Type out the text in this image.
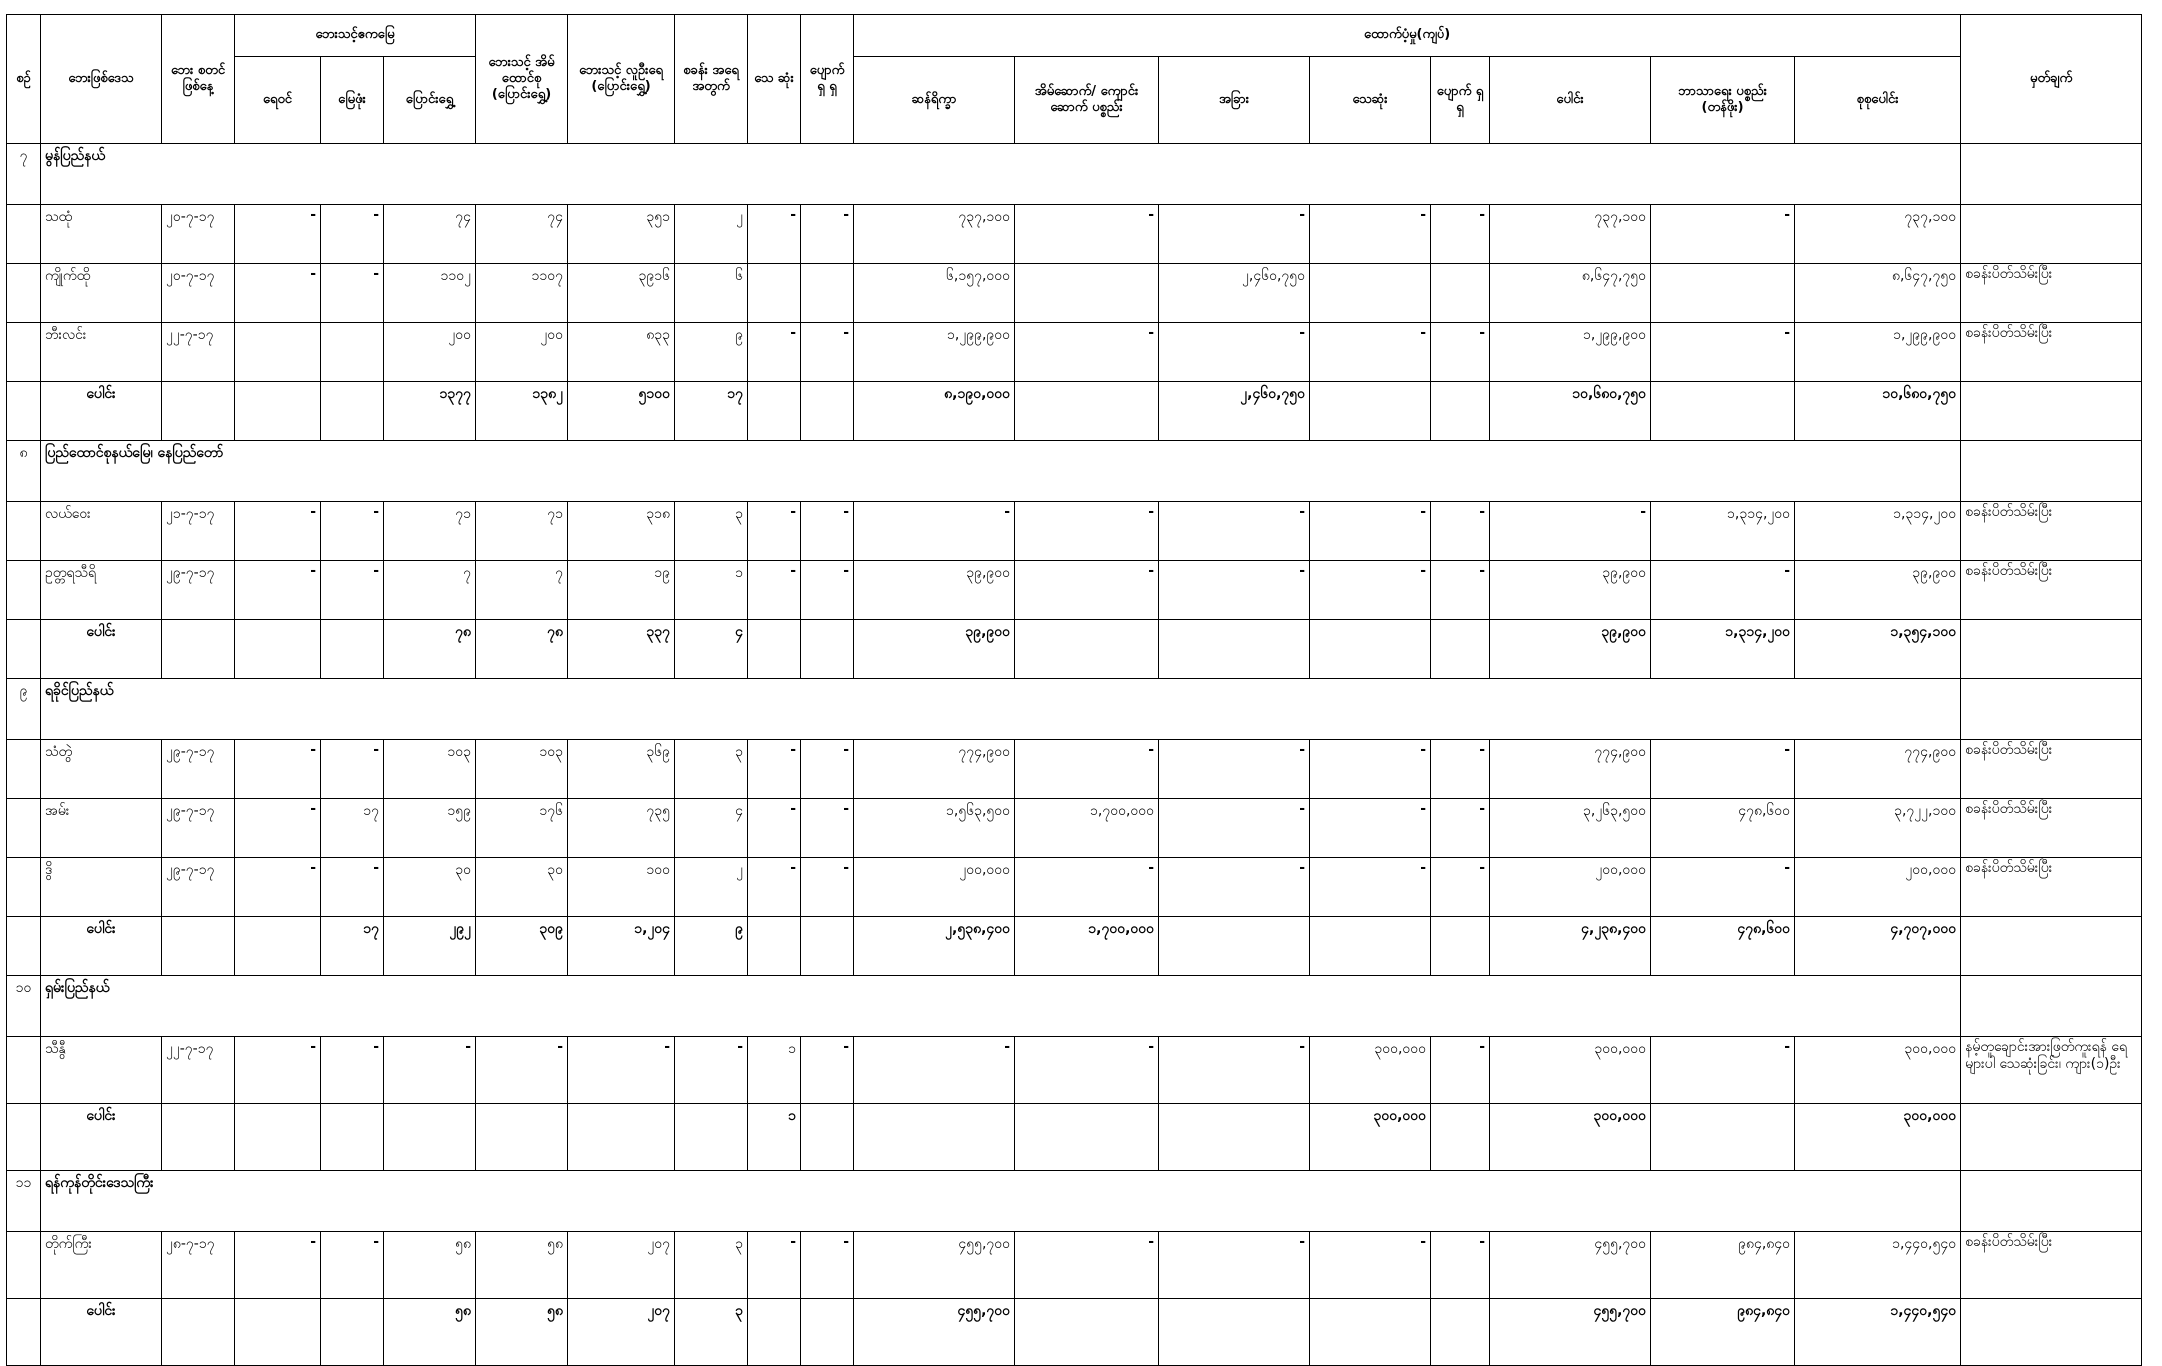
စဉ်	ဘေးဖြစ်ဒေသ	ဘေး စတင် ဖြစ်နေ့	ဘေးသင့်ဧကမြေ			ဘေးသင့် အိမ် ထောင်စု (ပြောင်းရွှေ့)	ဘေးသင့် လူဦးရေ (ပြောင်းရွှေ့)	စခန်း အရေ အတွက်	သေ ဆုံး	ပျောက် ရှ ရှ	ထောက်ပံ့မှု(ကျပ်)								မှတ်ချက်
			ရေဝင်	မြေဖုံး	ပြောင်းရွှေ့						ဆန်ရိက္ခာ	အိမ်ဆောက်/ ကျောင်းဆောက် ပစ္စည်း	အခြား	သေဆုံး	ပျောက် ရှ ရှ	ပေါင်း	ဘာသာရေး ပစ္စည်း (တန်ဖိုး)	စုစုပေါင်း	
၇	မွန်ပြည်နယ်																		
	သထုံ	၂၀-၇-၁၇	-	-	၇၄	၇၄	၃၅၁	၂	-	-	၇၃၇,၁၀၀	-	-	-	-	၇၃၇,၁၀၀	-	၇၃၇,၁၀၀	
	ကျိုက်ထို	၂၀-၇-၁၇	-	-	၁၁၀၂	၁၁၀၇	၃၉၁၆	၆			၆,၁၅၇,၀၀၀		၂,၄၆၀,၇၅၀			၈,၆၄၇,၇၅၀		၈,၆၄၇,၇၅၀	စခန်းပိတ်သိမ်းပြီး
	ဘီးလင်း	၂၂-၇-၁၇			၂၀၀	၂၀၀	၈၃၃	၉	-	-	၁,၂၉၉,၉၀၀	-	-	-	-	၁,၂၉၉,၉၀၀	-	၁,၂၉၉,၉၀၀	စခန်းပိတ်သိမ်းပြီး
	ပေါင်း				၁၃၇၇	၁၃၈၂	၅၁၀၀	၁၇			၈,၁၉၀,၀၀၀		၂,၄၆၀,၇၅၀			၁၀,၆၈၀,၇၅၀		၁၀,၆၈၀,၇၅၀	
၈	ပြည်ထောင်စုနယ်မြေ၊ နေပြည်တော်																		
	လယ်ဝေး	၂၁-၇-၁၇	-	-	၇၁	၇၁	၃၁၈	၃	-	-	-	-	-	-	-	-	၁,၃၁၄,၂၀၀	၁,၃၁၄,၂၀၀	စခန်းပိတ်သိမ်းပြီး
	ဥတ္တရသီရိ	၂၉-၇-၁၇	-	-	၇	၇	၁၉	၁	-	-	၃၉,၉၀၀	-	-	-	-	၃၉,၉၀၀	-	၃၉,၉၀၀	စခန်းပိတ်သိမ်းပြီး
	ပေါင်း				၇၈	၇၈	၃၃၇	၄			၃၉,၉၀၀					၃၉,၉၀၀	၁,၃၁၄,၂၀၀	၁,၃၅၄,၁၀၀	
၉	ရခိုင်ပြည်နယ်																		
	သံတွဲ	၂၉-၇-၁၇	-	-	၁၀၃	၁၀၃	၃၆၉	၃	-	-	၇၇၄,၉၀၀	-	-	-	-	၇၇၄,၉၀၀	-	၇၇၄,၉၀၀	စခန်းပိတ်သိမ်းပြီး
	အမ်း	၂၉-၇-၁၇	-	၁၇	၁၅၉	၁၇၆	၇၃၅	၄	-	-	၁,၅၆၃,၅၀၀	၁,၇၀၀,၀၀၀	-	-	-	၃,၂၆၃,၅၀၀	၄၇၈,၆၀၀	၃,၇၂၂,၁၀၀	စခန်းပိတ်သိမ်းပြီး
	ဒွိ	၂၉-၇-၁၇	-	-	၃၀	၃၀	၁၀၀	၂	-	-	၂၀၀,၀၀၀	-	-	-	-	၂၀၀,၀၀၀	-	၂၀၀,၀၀၀	စခန်းပိတ်သိမ်းပြီး
	ပေါင်း			၁၇	၂၉၂	၃၀၉	၁,၂၀၄	၉			၂,၅၃၈,၄၀၀	၁,၇၀၀,၀၀၀				၄,၂၃၈,၄၀၀	၄၇၈,၆၀၀	၄,၇၀၇,၀၀၀	
၁၀	ရှမ်းပြည်နယ်																		
	သီနွီ	၂၂-၇-၁၇	-	-	-	-	-	-	၁	-	-	-	-	၃၀၀,၀၀၀	-	၃၀၀,၀၀၀	-	၃၀၀,၀၀၀	နမ့်တူချောင်းအားဖြတ်ကူးရန် ရေများပါ သေဆုံးခြင်း၊ ကျား(၁)ဦး
	ပေါင်း								၁					၃၀၀,၀၀၀		၃၀၀,၀၀၀		၃၀၀,၀၀၀	
၁၁	ရန်ကုန်တိုင်းဒေသကြီး																		
	တိုက်ကြီး	၂၈-၇-၁၇	-	-	၅၈	၅၈	၂၀၇	၃	-	-	၄၅၅,၇၀၀	-	-	-	-	၄၅၅,၇၀၀	၉၈၄,၈၄၀	၁,၄၄၀,၅၄၀	စခန်းပိတ်သိမ်းပြီး
	ပေါင်း				၅၈	၅၈	၂၀၇	၃			၄၅၅,၇၀၀					၄၅၅,၇၀၀	၉၈၄,၈၄၀	၁,၄၄၀,၅၄၀	
